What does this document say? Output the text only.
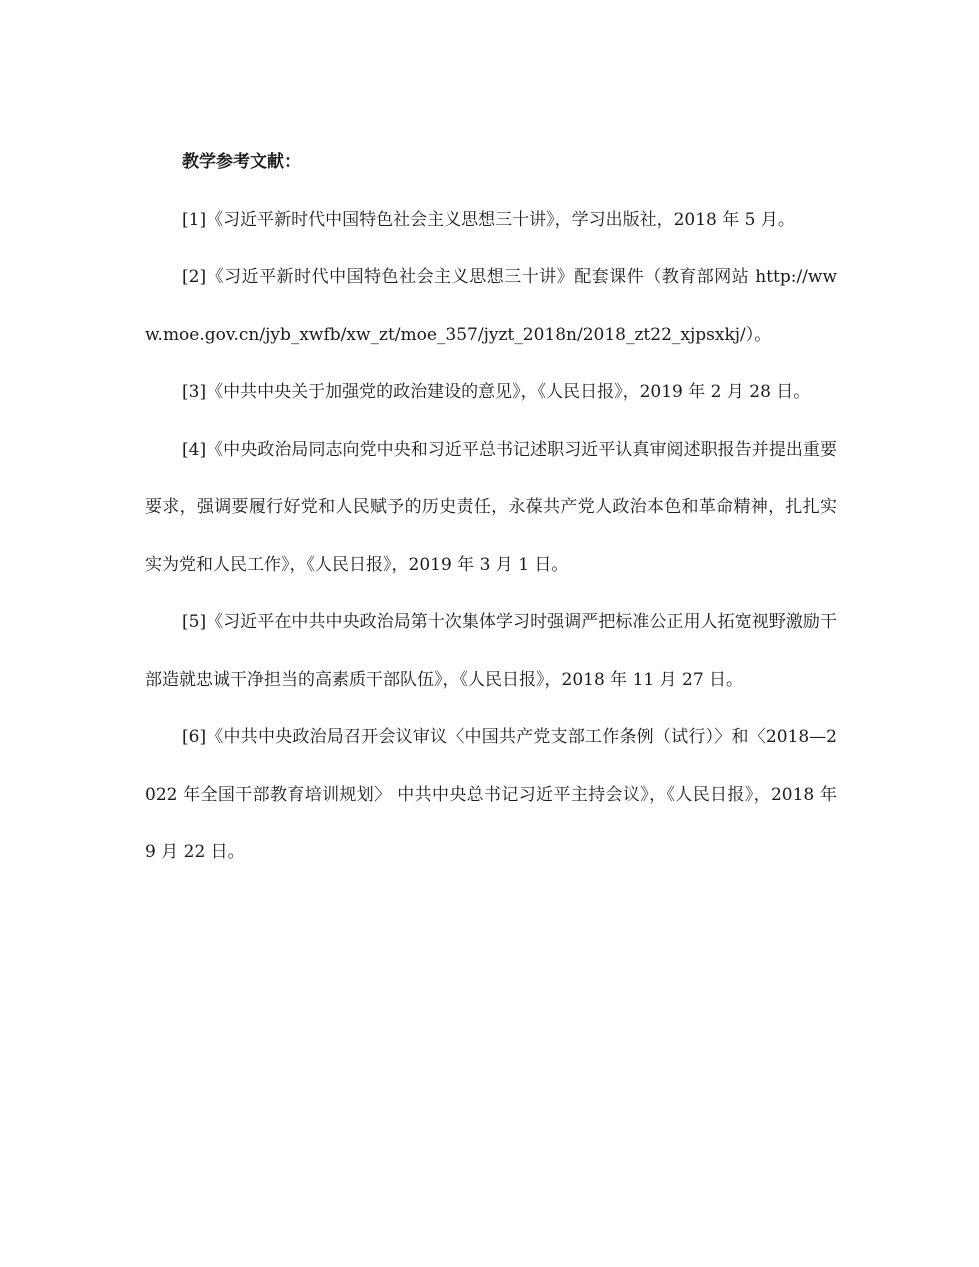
教学参考文献：

[1]《习近平新时代中国特色社会主义思想三十讲》，学习出版社，2018 年 5 月。

[2]《习近平新时代中国特色社会主义思想三十讲》配套课件（教育部网站 http://www.moe.gov.cn/jyb_xwfb/xw_zt/moe_357/jyzt_2018n/2018_zt22_xjpsxkj/）。

[3]《中共中央关于加强党的政治建设的意见》，《人民日报》，2019 年 2 月 28 日。

[4]《中央政治局同志向党中央和习近平总书记述职习近平认真审阅述职报告并提出重要要求，强调要履行好党和人民赋予的历史责任，永葆共产党人政治本色和革命精神，扎扎实实为党和人民工作》，《人民日报》，2019 年 3 月 1 日。

[5]《习近平在中共中央政治局第十次集体学习时强调严把标准公正用人拓宽视野激励干部造就忠诚干净担当的高素质干部队伍》，《人民日报》，2018 年 11 月 27 日。

[6]《中共中央政治局召开会议审议〈中国共产党支部工作条例（试行）〉和〈2018—2022 年全国干部教育培训规划〉 中共中央总书记习近平主持会议》，《人民日报》，2018 年 9 月 22 日。
